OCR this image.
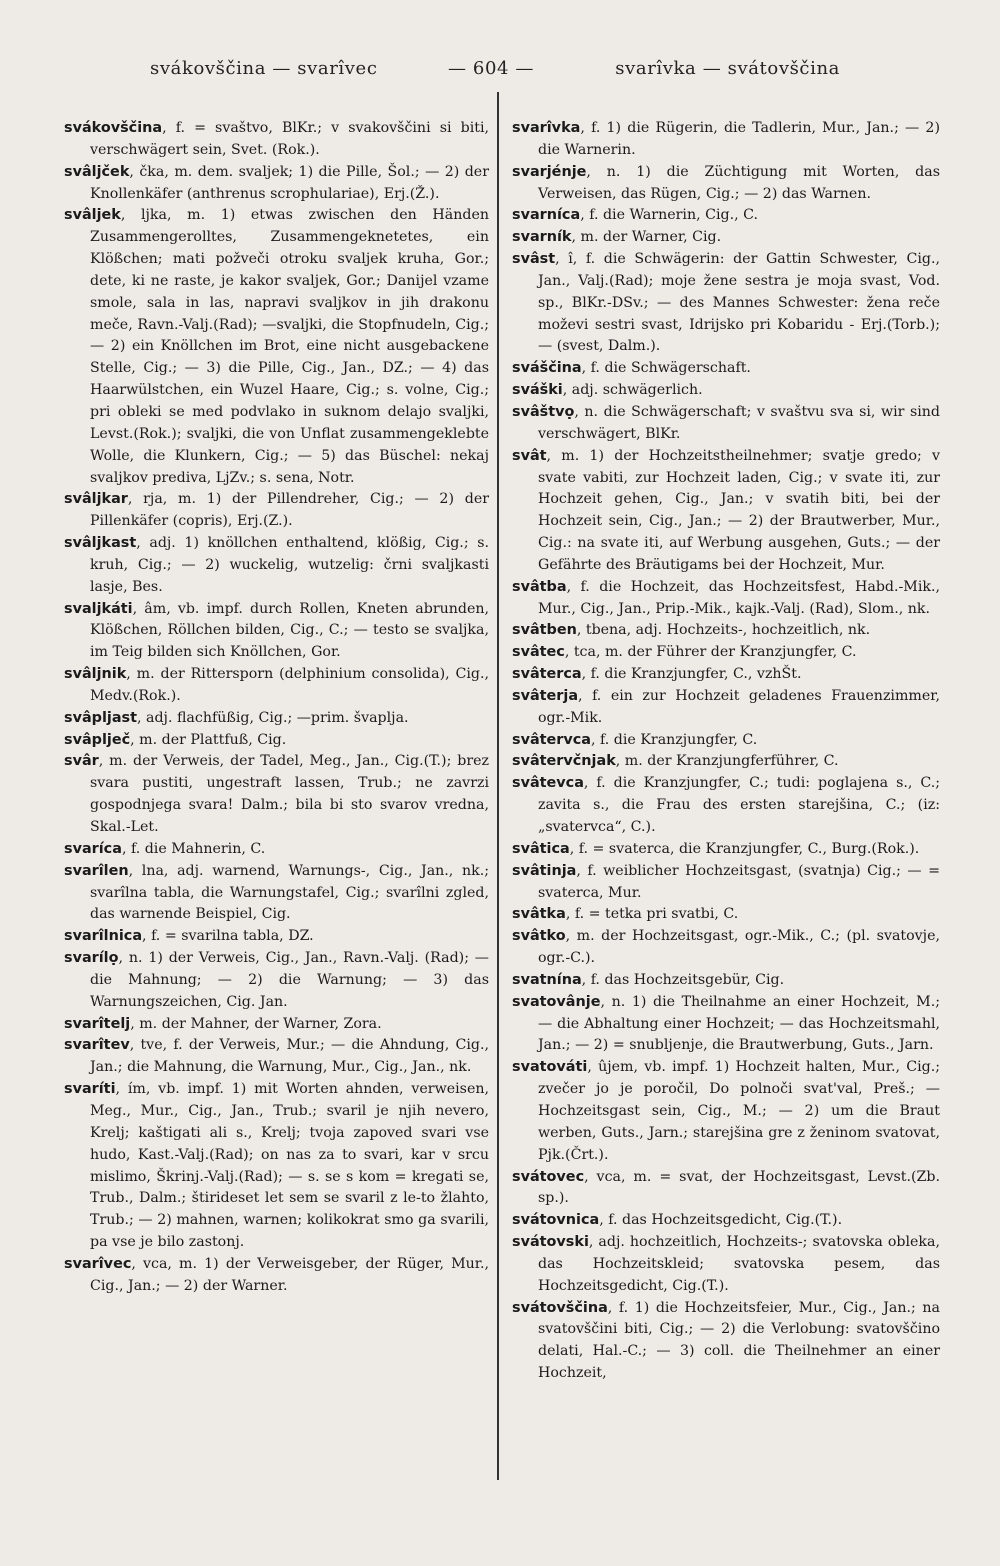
svákovščina — svarîvec	— 604 —	svarîvka — svátovščina

svákovščina, f. = svaštvo, BlKr.; v svakovščini si biti, verschwägert sein, Svet. (Rok.).

svâljček, čka, m. dem. svaljek; 1) die Pille, Šol.; — 2) der Knollenkäfer (anthrenus scrophulariae), Erj.(Ž.).

svâljek, ljka, m. 1) etwas zwischen den Händen Zusammengerolltes, Zusammengeknetetes, ein Klößchen; mati požveči otroku svaljek kruha, Gor.; dete, ki ne raste, je kakor svaljek, Gor.; Danijel vzame smole, sala in las, napravi svaljkov in jih drakonu meče, Ravn.-Valj.(Rad); —svaljki, die Stopfnudeln, Cig.; — 2) ein Knöllchen im Brot, eine nicht ausgebackene Stelle, Cig.; — 3) die Pille, Cig., Jan., DZ.; — 4) das Haarwülstchen, ein Wuzel Haare, Cig.; s. volne, Cig.; pri obleki se med podvlako in suknom delajo svaljki, Levst.(Rok.); svaljki, die von Unflat zusammengeklebte Wolle, die Klunkern, Cig.; — 5) das Büschel: nekaj svaljkov prediva, LjZv.; s. sena, Notr.

svâljkar, rja, m. 1) der Pillendreher, Cig.; — 2) der Pillenkäfer (copris), Erj.(Z.).

svâljkast, adj. 1) knöllchen enthaltend, klößig, Cig.; s. kruh, Cig.; — 2) wuckelig, wutzelig: črni svaljkasti lasje, Bes.

svaljkáti, âm, vb. impf. durch Rollen, Kneten abrunden, Klößchen, Röllchen bilden, Cig., C.; — testo se svaljka, im Teig bilden sich Knöllchen, Gor.

svâljnik, m. der Rittersporn (delphinium consolida), Cig., Medv.(Rok.).

svâpljast, adj. flachfüßig, Cig.; —prim. švaplja.

svâplječ, m. der Plattfuß, Cig.

svâr, m. der Verweis, der Tadel, Meg., Jan., Cig.(T.); brez svara pustiti, ungestraft lassen, Trub.; ne zavrzi gospodnjega svara! Dalm.; bila bi sto svarov vredna, Skal.-Let.

svaríca, f. die Mahnerin, C.

svarîlen, lna, adj. warnend, Warnungs-, Cig., Jan., nk.; svarîlna tabla, die Warnungstafel, Cig.; svarîlni zgled, das warnende Beispiel, Cig.

svarîlnica, f. = svarilna tabla, DZ.

svarílọ, n. 1) der Verweis, Cig., Jan., Ravn.-Valj. (Rad); — die Mahnung; — 2) die Warnung; — 3) das Warnungszeichen, Cig. Jan.

svarîtelj, m. der Mahner, der Warner, Zora.

svarîtev, tve, f. der Verweis, Mur.; — die Ahndung, Cig., Jan.; die Mahnung, die Warnung, Mur., Cig., Jan., nk.

svaríti, ím, vb. impf. 1) mit Worten ahnden, verweisen, Meg., Mur., Cig., Jan., Trub.; svaril je njih nevero, Krelj; kaštigati ali s., Krelj; tvoja zapoved svari vse hudo, Kast.-Valj.(Rad); on nas za to svari, kar v srcu mislimo, Škrinj.-Valj.(Rad); — s. se s kom = kregati se, Trub., Dalm.; štirideset let sem se svaril z le-to žlahto, Trub.; — 2) mahnen, warnen; kolikokrat smo ga svarili, pa vse je bilo zastonj.

svarîvec, vca, m. 1) der Verweisgeber, der Rüger, Mur., Cig., Jan.; — 2) der Warner.

svarîvka, f. 1) die Rügerin, die Tadlerin, Mur., Jan.; — 2) die Warnerin.

svarjénje, n. 1) die Züchtigung mit Worten, das Verweisen, das Rügen, Cig.; — 2) das Warnen.

svarníca, f. die Warnerin, Cig., C.

svarník, m. der Warner, Cig.

svâst, î, f. die Schwägerin: der Gattin Schwester, Cig., Jan., Valj.(Rad); moje žene sestra je moja svast, Vod. sp., BlKr.-DSv.; — des Mannes Schwester: žena reče moževi sestri svast, Idrijsko pri Kobaridu - Erj.(Torb.); — (svest, Dalm.).

sváščina, f. die Schwägerschaft.

sváški, adj. schwägerlich.

svâštvọ, n. die Schwägerschaft; v svaštvu sva si, wir sind verschwägert, BlKr.

svât, m. 1) der Hochzeitstheilnehmer; svatje gredo; v svate vabiti, zur Hochzeit laden, Cig.; v svate iti, zur Hochzeit gehen, Cig., Jan.; v svatih biti, bei der Hochzeit sein, Cig., Jan.; — 2) der Brautwerber, Mur., Cig.: na svate iti, auf Werbung ausgehen, Guts.; — der Gefährte des Bräutigams bei der Hochzeit, Mur.

svâtba, f. die Hochzeit, das Hochzeitsfest, Habd.-Mik., Mur., Cig., Jan., Prip.-Mik., kajk.-Valj. (Rad), Slom., nk.

svâtben, tbena, adj. Hochzeits-, hochzeitlich, nk.

svâtec, tca, m. der Führer der Kranzjungfer, C.

svâterca, f. die Kranzjungfer, C., vzhŠt.

svâterja, f. ein zur Hochzeit geladenes Frauenzimmer, ogr.-Mik.

svâtervca, f. die Kranzjungfer, C.

svâtervčnjak, m. der Kranzjungferführer, C.

svâtevca, f. die Kranzjungfer, C.; tudi: poglajena s., C.; zavita s., die Frau des ersten starejšina, C.; (iz: „svatervca“, C.).

svâtica, f. = svaterca, die Kranzjungfer, C., Burg.(Rok.).

svâtinja, f. weiblicher Hochzeitsgast, (svatnja) Cig.; — = svaterca, Mur.

svâtka, f. = tetka pri svatbi, C.

svâtko, m. der Hochzeitsgast, ogr.-Mik., C.; (pl. svatovje, ogr.-C.).

svatnína, f. das Hochzeitsgebür, Cig.

svatovânje, n. 1) die Theilnahme an einer Hochzeit, M.; — die Abhaltung einer Hochzeit; — das Hochzeitsmahl, Jan.; — 2) = snubljenje, die Brautwerbung, Guts., Jarn.

svatováti, ûjem, vb. impf. 1) Hochzeit halten, Mur., Cig.; zvečer jo je poročil, Do polnoči svat'val, Preš.; — Hochzeitsgast sein, Cig., M.; — 2) um die Braut werben, Guts., Jarn.; starejšina gre z ženinom svatovat, Pjk.(Črt.).

svátovec, vca, m. = svat, der Hochzeitsgast, Levst.(Zb. sp.).

svátovnica, f. das Hochzeitsgedicht, Cig.(T.).

svátovski, adj. hochzeitlich, Hochzeits-; svatovska obleka, das Hochzeitskleid; svatovska pesem, das Hochzeitsgedicht, Cig.(T.).

svátovščina, f. 1) die Hochzeitsfeier, Mur., Cig., Jan.; na svatovščini biti, Cig.; — 2) die Verlobung: svatovščino delati, Hal.-C.; — 3) coll. die Theilnehmer an einer Hochzeit,
